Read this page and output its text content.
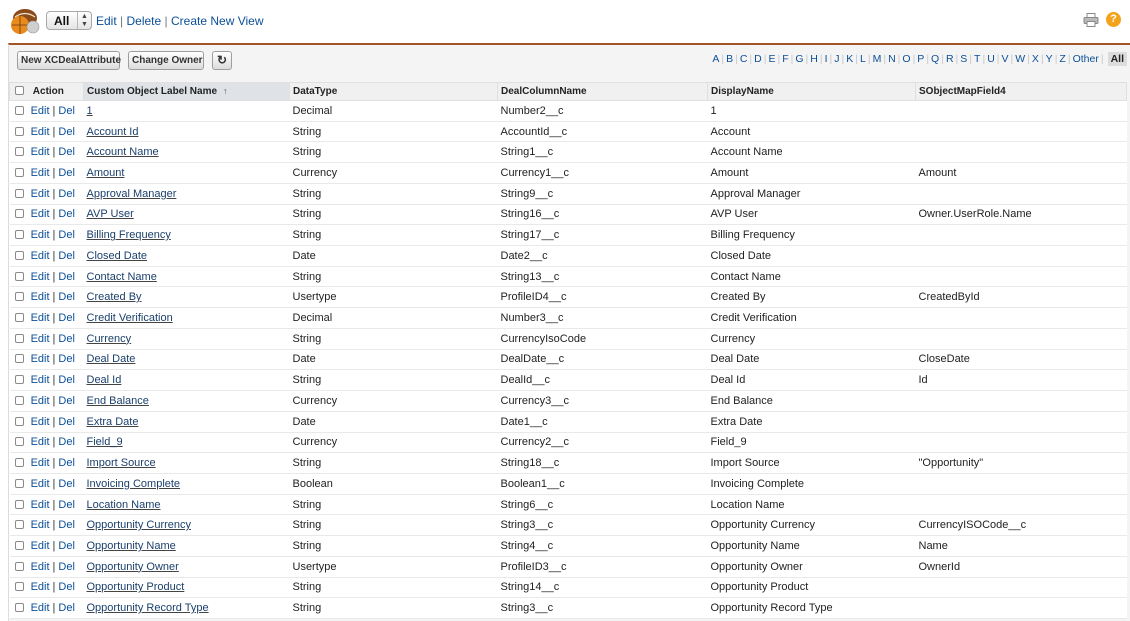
All	▲
▼ Edit | Delete | Create New View	?
New XCDealAttribute	Change Owner	↻	A | B | C | D | E | F | G | H | I | J | K | L | M | N | O | P | Q | R | S | T | U | V | W | X | Y | Z | Other | All
Action	Custom Object Label Name ↑	DataType	DealColumnName	DisplayName	SObjectMapField4
Edit | Del	1	Decimal	Number2__c	1	
Edit | Del	Account Id	String	AccountId__c	Account	
Edit | Del	Account Name	String	String1__c	Account Name	
Edit | Del	Amount	Currency	Currency1__c	Amount	Amount
Edit | Del	Approval Manager	String	String9__c	Approval Manager	
Edit | Del	AVP User	String	String16__c	AVP User	Owner.UserRole.Name
Edit | Del	Billing Frequency	String	String17__c	Billing Frequency	
Edit | Del	Closed Date	Date	Date2__c	Closed Date	
Edit | Del	Contact Name	String	String13__c	Contact Name	
Edit | Del	Created By	Usertype	ProfileID4__c	Created By	CreatedById
Edit | Del	Credit Verification	Decimal	Number3__c	Credit Verification	
Edit | Del	Currency	String	CurrencyIsoCode	Currency	
Edit | Del	Deal Date	Date	DealDate__c	Deal Date	CloseDate
Edit | Del	Deal Id	String	DealId__c	Deal Id	Id
Edit | Del	End Balance	Currency	Currency3__c	End Balance	
Edit | Del	Extra Date	Date	Date1__c	Extra Date	
Edit | Del	Field_9	Currency	Currency2__c	Field_9	
Edit | Del	Import Source	String	String18__c	Import Source	"Opportunity"
Edit | Del	Invoicing Complete	Boolean	Boolean1__c	Invoicing Complete	
Edit | Del	Location Name	String	String6__c	Location Name	
Edit | Del	Opportunity Currency	String	String3__c	Opportunity Currency	CurrencyISOCode__c
Edit | Del	Opportunity Name	String	String4__c	Opportunity Name	Name
Edit | Del	Opportunity Owner	Usertype	ProfileID3__c	Opportunity Owner	OwnerId
Edit | Del	Opportunity Product	String	String14__c	Opportunity Product	
Edit | Del	Opportunity Record Type	String	String3__c	Opportunity Record Type	
